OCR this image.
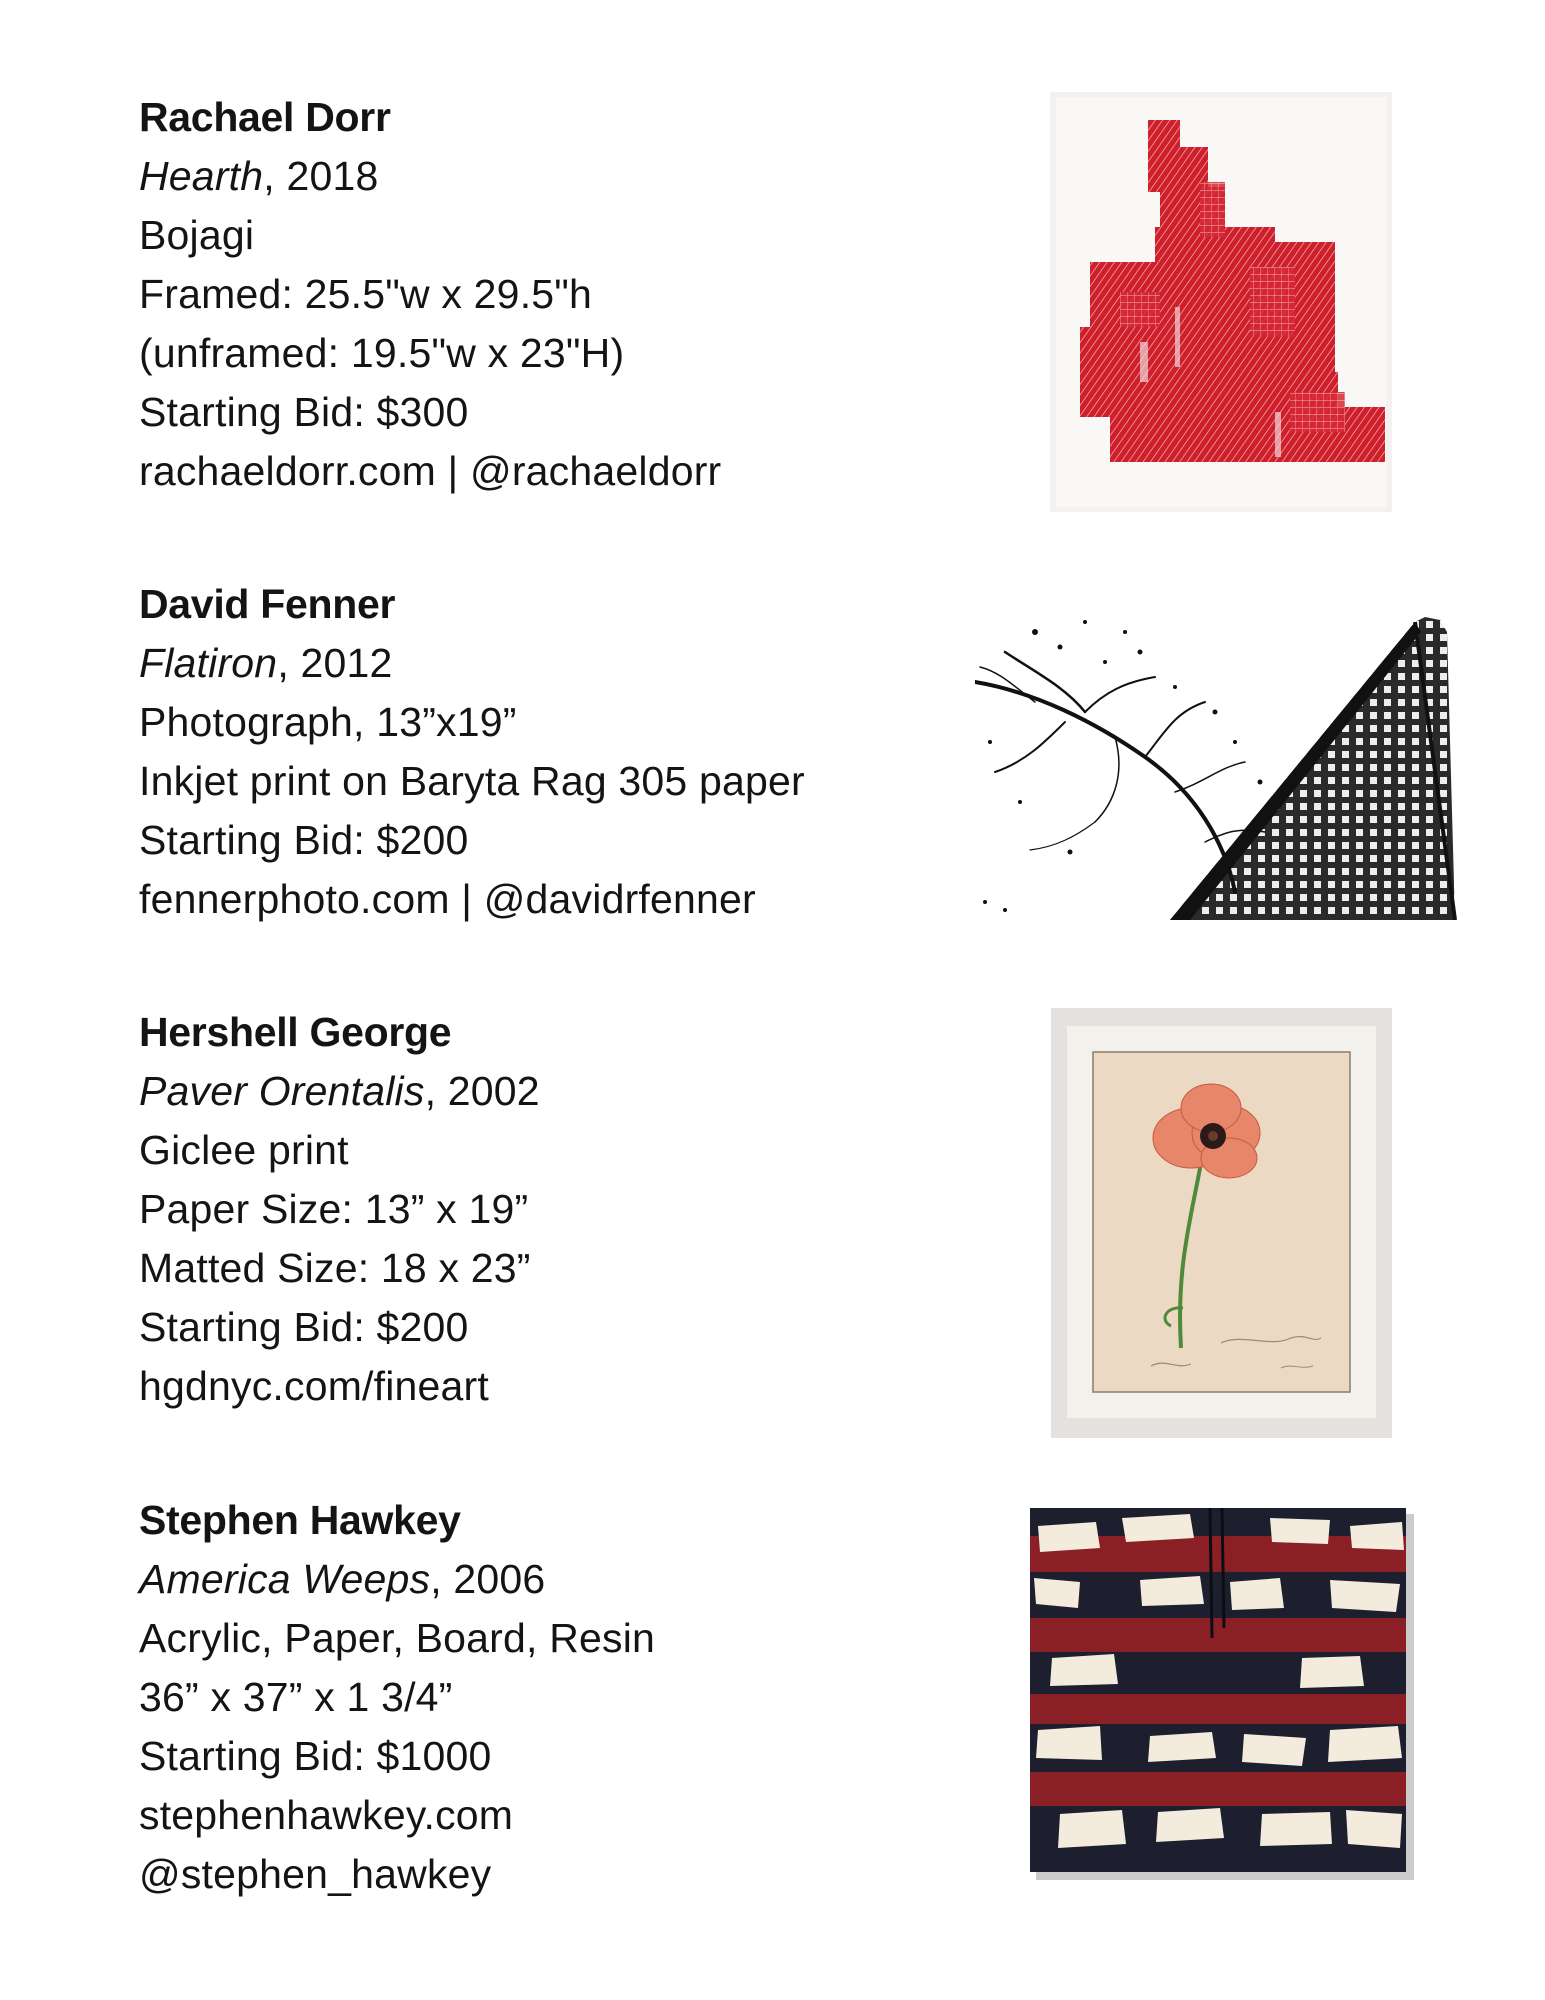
Rachael Dorr
Hearth, 2018
Bojagi
Framed: 25.5"w x 29.5"h
(unframed: 19.5"w x 23"H)
Starting Bid: $300
rachaeldorr.com | @rachaeldorr
David Fenner
Flatiron, 2012
Photograph, 13”x19”
Inkjet print on Baryta Rag 305 paper
Starting Bid: $200
fennerphoto.com | @davidrfenner
Hershell George
Paver Orentalis, 2002
Giclee print
Paper Size: 13” x 19”
Matted Size: 18 x 23”
Starting Bid: $200
hgdnyc.com/fineart
Stephen Hawkey
America Weeps, 2006
Acrylic, Paper, Board, Resin
36” x 37” x 1 3/4”
Starting Bid: $1000
stephenhawkey.com
@stephen_hawkey
